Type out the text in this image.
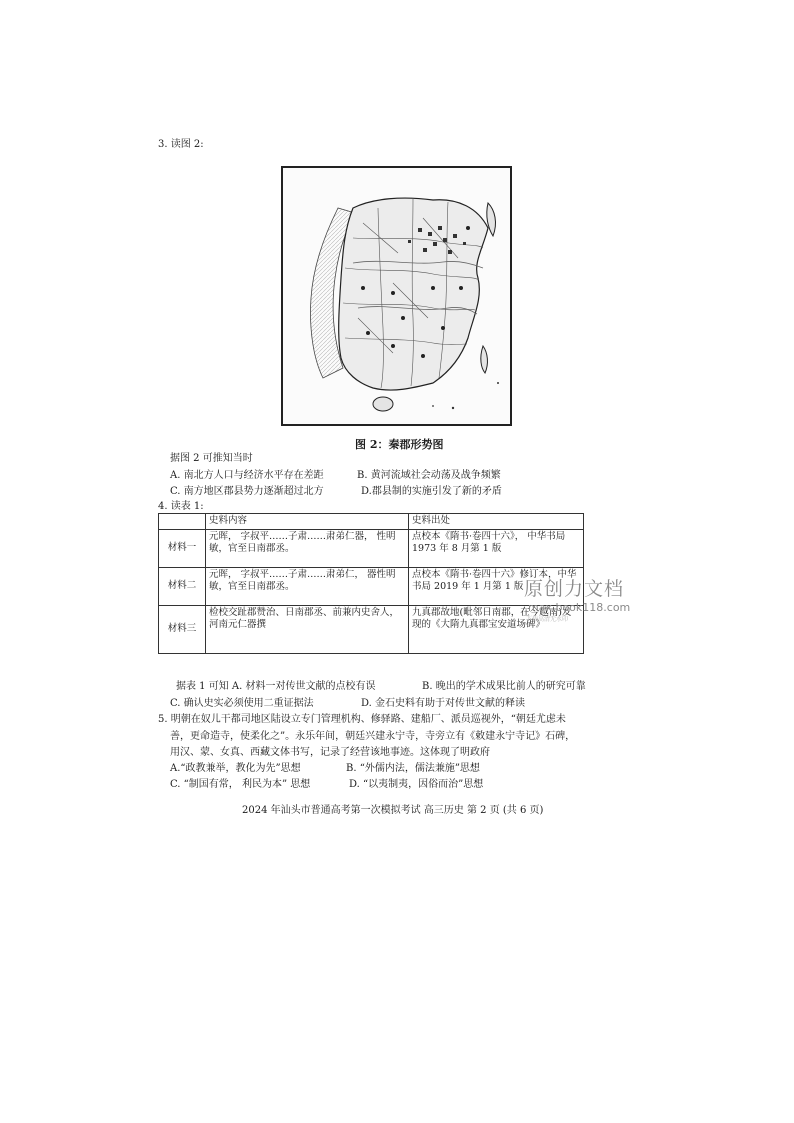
3. 读图 2:
图 2：秦郡形势图
据图 2 可推知当时
A. 南北方人口与经济水平存在差距	B. 黄河流域社会动荡及战争频繁
C. 南方地区郡县势力逐渐超过北方	D.郡县制的实施引发了新的矛盾
4. 读表 1:
	史料内容	史料出处
材料一	元晖， 字叔平……子肃……肃弟仁器， 性明敏，官至日南郡丞。	点校本《隋书·卷四十六》， 中华书局 1973 年 8 月第 1 版
材料二	元晖， 字叔平……子肃……肃弟仁， 器性明敏，官至日南郡丞。	点校本《隋书·卷四十六》修订本，中华书局 2019 年 1 月第 1 版
材料三	检校交趾郡赞治、日南郡丞、前兼内史舍人，河南元仁器撰	九真郡故地(毗邻日南郡，在今越南)发现的《大隋九真郡宝安道场碑》
原创力文档
max.book118.com
下载高清无水印
据表 1 可知 A. 材料一对传世文献的点校有误	B. 晚出的学术成果比前人的研究可靠
C. 确认史实必须使用二重证据法	D. 金石史料有助于对传世文献的释读
5. 明朝在奴儿干都司地区陆设立专门管理机构、修驿路、建船厂、派员巡视外，“朝廷尤虑未
善，更命造寺，使柔化之”。永乐年间，朝廷兴建永宁寺，寺旁立有《敕建永宁寺记》石碑，
用汉、蒙、女真、西藏文体书写，记录了经营该地事迹。这体现了明政府
A.“政教兼举，教化为先”思想	B. “外儒内法，儒法兼施”思想
C. “制国有常， 利民为本” 思想	D. “以夷制夷，因俗而治”思想
2024 年汕头市普通高考第一次模拟考试 高三历史 第 2 页 (共 6 页)
